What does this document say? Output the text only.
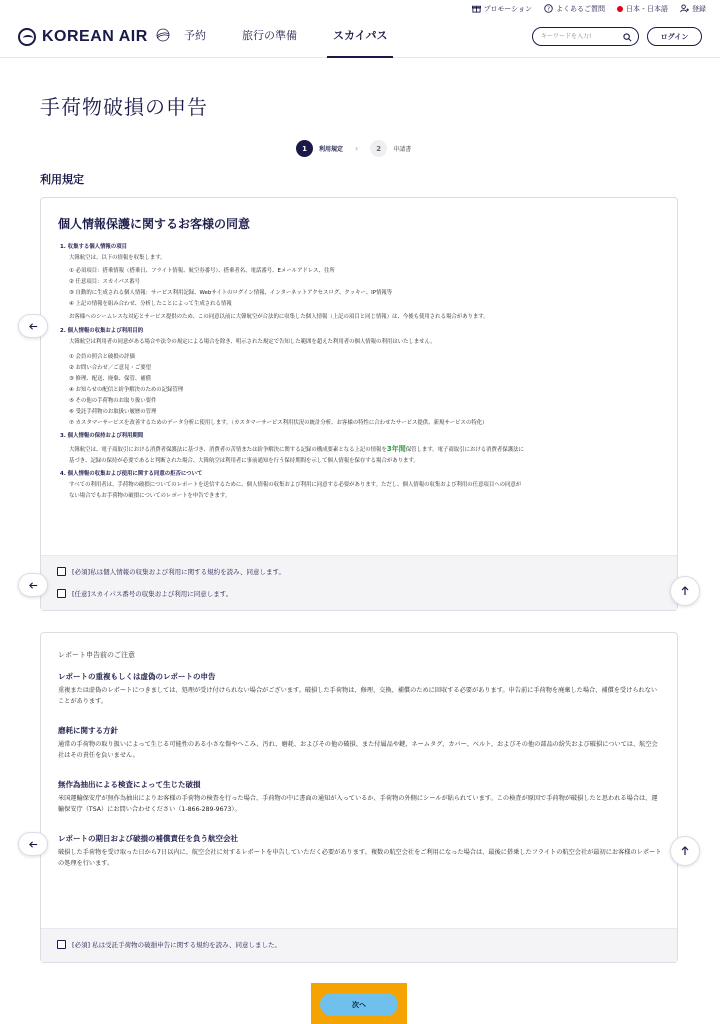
プロモーション	? よくあるご質問	日本 - 日本語	登録
KOREAN AIR	予約	旅行の準備	スカイパス
キーワードを入力!	ログイン
手荷物破損の申告
1	利用規定 ›	2	申請書
利用規定
個人情報保護に関するお客様の同意
1. 収集する個人情報の項目
大韓航空は、以下の情報を収集します。
① 必須項目：搭乗情報（搭乗日、フライト情報、航空券番号）、搭乗者名、電話番号、Eメールアドレス、住所
② 任意項目：スカイパス番号
③ 自動的に生成される個人情報：サービス利用記録、Webサイトのログイン情報、インターネットアクセスログ、クッキー、IP情報等
④ 上記の情報を組み合わせ、分析したことによって生成される情報
お客様へのシームレスな対応とサービス提供のため、この同意以前に大韓航空が合法的に収集した個人情報（上記の項目と同じ情報）は、今後も使用される場合があります。
2. 個人情報の収集および利用目的
大韓航空は利用者の同意がある場合や法令の規定による場合を除き、明示された規定で告知した範囲を超えた利用者の個人情報の利用はいたしません。
① 会員の照合と破損の評価
② お問い合わせ／ご意見・ご要望
③ 修理、配送、廃棄、保管、補償
④ お知らせの配信と紛争解決のための記録管理
⑤ その他の手荷物のお取り扱い要件
⑥ 受託手荷物のお取扱い履歴の管理
⑦ カスタマーサービスを改善するためのデータ分析に使用します。（カスタマーサービス利用状況の統計分析、お客様の特性に合わせたサービス提供、新規サービスの特化）
3. 個人情報の保持および利用期間
大韓航空は、電子商取引における消費者保護法に基づき、消費者の苦情または紛争解決に関する記録の構成要素となる上記の情報を3年間保管します。電子商取引における消費者保護法に
基づき、記録の保持が必要であると判断された場合、大韓航空は利用者に事前通知を行う保持期間を示して個人情報を保存する場合があります。
4. 個人情報の収集および使用に関する同意の拒否について
すべての利用者は、手荷物の破損についてのレポートを送信するために、個人情報の収集および利用に同意する必要があります。ただし、個人情報の収集および利用の任意項目への同意が
ない場合でもお手荷物の破損についてのレポートを申告できます。
[必須]私は個人情報の収集および利用に関する規約を読み、同意します。
[任意]スカイパス番号の収集および利用に同意します。
レポート申告前のご注意
レポートの重複もしくは虚偽のレポートの申告
重複または虚偽のレポートにつきましては、処理が受け付けられない場合がございます。破損した手荷物は、修理、交換、補償のために回収する必要があります。申告前に手荷物を廃棄した場合、補償を受けられないことがあります。
磨耗に関する方針
通常の手荷物の取り扱いによって生じる可能性のある小さな傷やへこみ、汚れ、磨耗、およびその他の破損、また付属品や鍵、ネームタグ、カバー、ベルト、およびその他の部品の紛失および破損については、航空会社はその責任を負いません。
無作為抽出による検査によって生じた破損
米国運輸保安庁が無作為抽出によりお客様の手荷物の検査を行った場合、手荷物の中に書面の通知が入っているか、手荷物の外側にシールが貼られています。この検査が原因で手荷物が破損したと思われる場合は、運輸保安庁（TSA）にお問い合わせください（1-866-289-9673）。
レポートの期日および破損の補償責任を負う航空会社
破損した手荷物を受け取った日から7日以内に、航空会社に対するレポートを申告していただく必要があります。複数の航空会社をご利用になった場合は、最後に搭乗したフライトの航空会社が最初にお客様のレポートの処理を行います。
[必須] 私は受託手荷物の破損申告に関する規約を読み、同意しました。
次へ
